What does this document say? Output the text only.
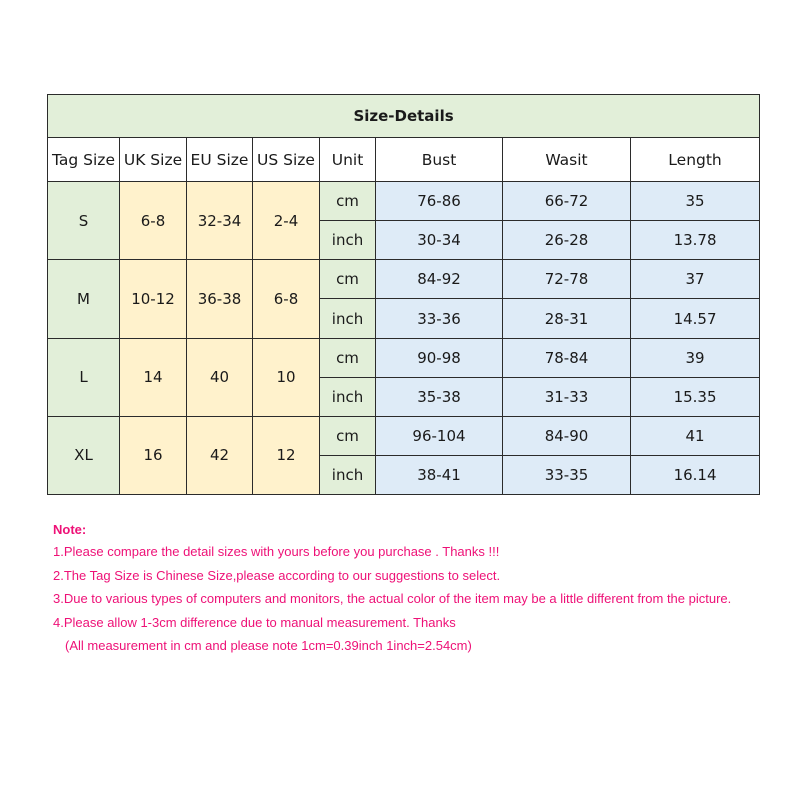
Size-Details							
Tag Size	UK Size	EU Size	US Size	Unit	Bust	Wasit	Length
S	6-8	32-34	2-4	cm	76-86	66-72	35
				inch	30-34	26-28	13.78
M	10-12	36-38	6-8	cm	84-92	72-78	37
				inch	33-36	28-31	14.57
L	14	40	10	cm	90-98	78-84	39
				inch	35-38	31-33	15.35
XL	16	42	12	cm	96-104	84-90	41
				inch	38-41	33-35	16.14
Note:
1.Please compare the detail sizes with yours before you purchase . Thanks !!!
2.The Tag Size is Chinese Size,please according to our suggestions to select.
3.Due to various types of computers and monitors, the actual color of the item may be a little different from the picture.
4.Please allow 1-3cm difference due to manual measurement. Thanks
(All measurement in cm and please note 1cm=0.39inch 1inch=2.54cm)
